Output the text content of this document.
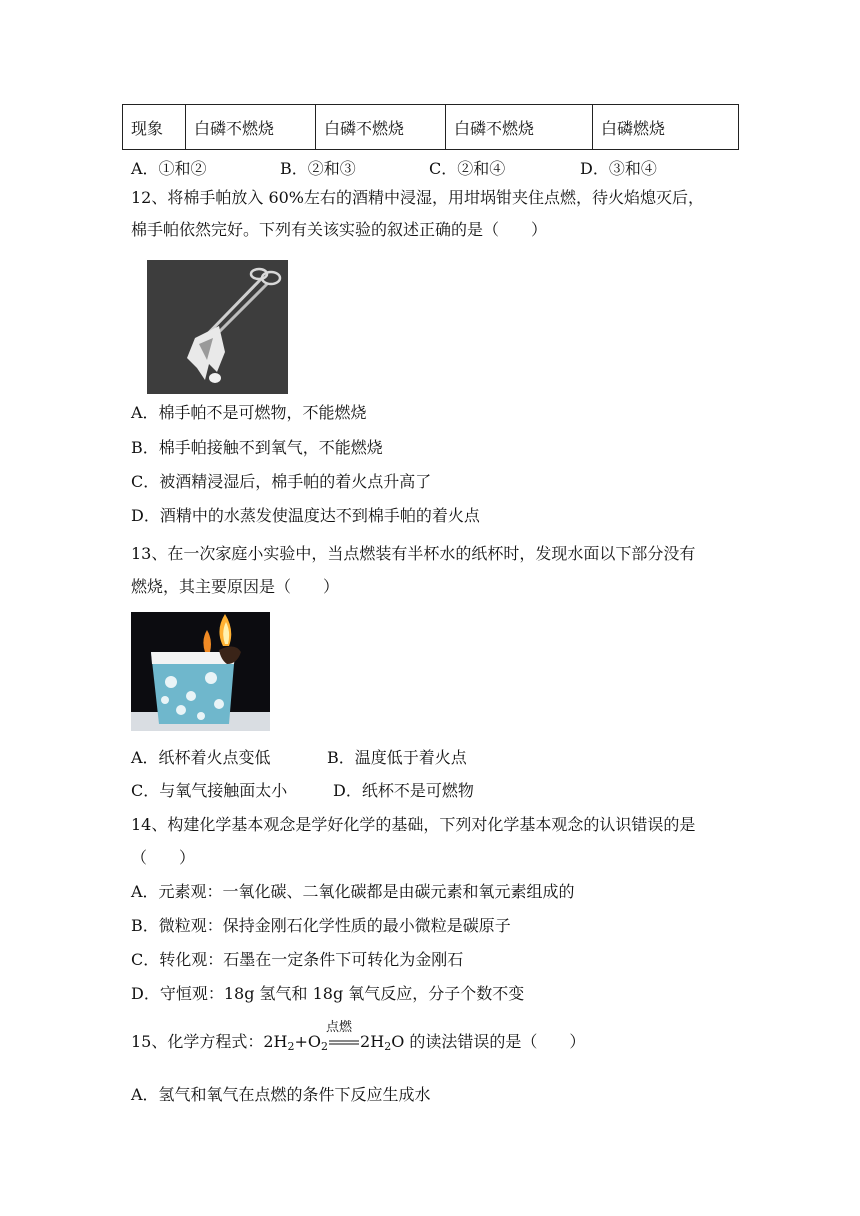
现象	白磷不燃烧	白磷不燃烧	白磷不燃烧	白磷燃烧
A．①和②	B．②和③	C．②和④	D．③和④
12、将棉手帕放入 60%左右的酒精中浸湿，用坩埚钳夹住点燃，待火焰熄灭后，
棉手帕依然完好。下列有关该实验的叙述正确的是（　　）
A．棉手帕不是可燃物，不能燃烧
B．棉手帕接触不到氧气，不能燃烧
C．被酒精浸湿后，棉手帕的着火点升高了
D．酒精中的水蒸发使温度达不到棉手帕的着火点
13、在一次家庭小实验中，当点燃装有半杯水的纸杯时，发现水面以下部分没有
燃烧，其主要原因是（　　）
A．纸杯着火点变低	B．温度低于着火点
C．与氧气接触面太小	D．纸杯不是可燃物
14、构建化学基本观念是学好化学的基础，下列对化学基本观念的认识错误的是
（　　）
A．元素观：一氧化碳、二氧化碳都是由碳元素和氧元素组成的
B．微粒观：保持金刚石化学性质的最小微粒是碳原子
C．转化观：石墨在一定条件下可转化为金刚石
D．守恒观：18g 氢气和 18g 氧气反应，分子个数不变
15、化学方程式：$2H_2+O_2$ $2H_2O$ 的读法错误的是（　　）
点燃
A．氢气和氧气在点燃的条件下反应生成水
